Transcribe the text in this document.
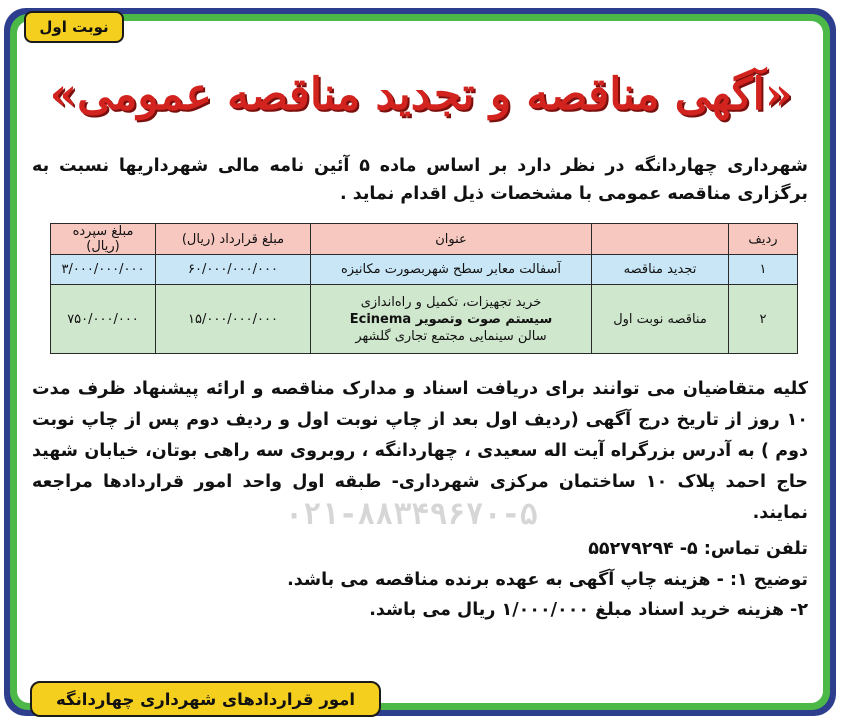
۰۲۱-۸۸۳۴۹۶۷۰-۵
نوبت اول
«آگهی مناقصه و تجدید مناقصه عمومی»
شهرداری چهاردانگه در نظر دارد بر اساس ماده ۵ آئین نامه مالی شهرداریها نسبت به برگزاری مناقصه عمومی با مشخصات ذیل اقدام نماید .
ردیف		عنوان	مبلغ قرارداد (ریال)	مبلغ سپرده (ریال)
۱	تجدید مناقصه	آسفالت معابر سطح شهربصورت مکانیزه	۶۰/۰۰۰/۰۰۰/۰۰۰	۳/۰۰۰/۰۰۰/۰۰۰
۲	مناقصه نوبت اول	خرید تجهیزات، تکمیل و راه‌اندازی
سیستم صوت وتصویر Ecinema
سالن سینمایی مجتمع تجاری گلشهر	۱۵/۰۰۰/۰۰۰/۰۰۰	۷۵۰/۰۰۰/۰۰۰
کلیه متقاضیان می توانند برای دریافت اسناد و مدارک مناقصه و ارائه پیشنهاد ظرف مدت ۱۰ روز از تاریخ درج آگهی (ردیف اول بعد از چاپ نوبت اول و ردیف دوم پس از چاپ نوبت دوم ) به آدرس بزرگراه آیت اله سعیدی ، چهاردانگه ، روبروی سه راهی بوتان، خیابان شهید حاج احمد پلاک ۱۰ ساختمان مرکزی شهرداری- طبقه اول واحد امور قراردادها مراجعه نمایند.
تلفن تماس: ۵- ۵۵۲۷۹۲۹۴
توضیح ۱: - هزینه چاپ آگهی به عهده برنده مناقصه می باشد.
۲- هزینه خرید اسناد مبلغ ۱/۰۰۰/۰۰۰ ریال می باشد.
امور قراردادهای شهرداری چهاردانگه
